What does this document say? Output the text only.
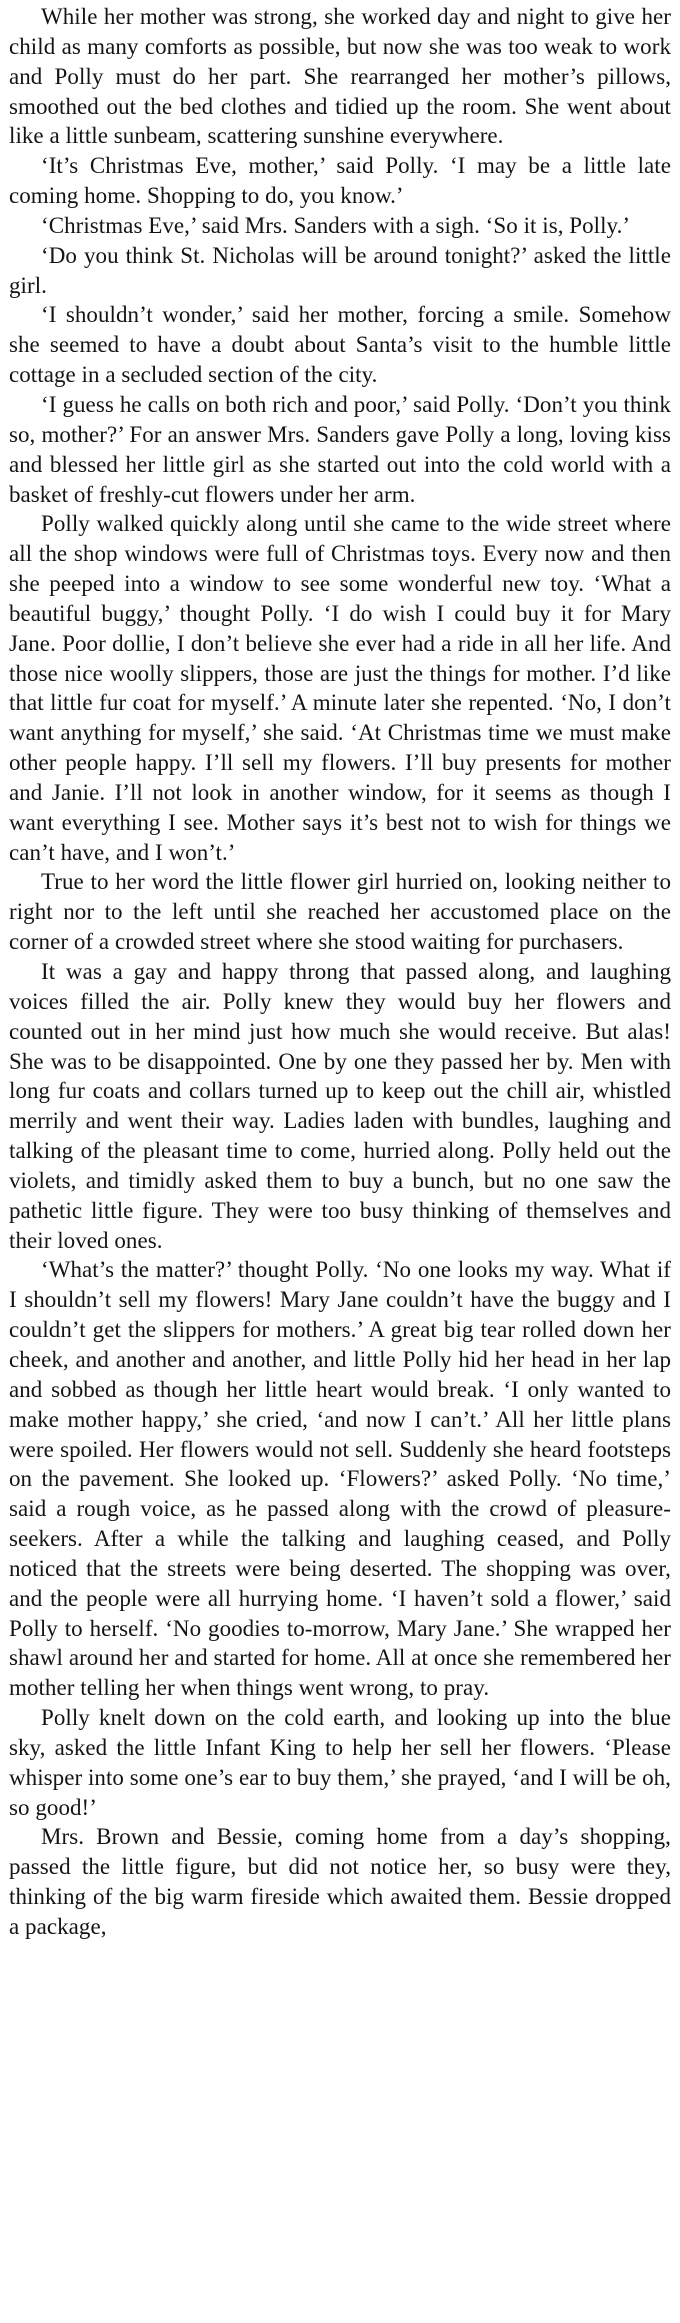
While her mother was strong, she worked day and night to give her child as many comforts as possible, but now she was too weak to work and Polly must do her part. She rearranged her mother’s pillows, smoothed out the bed clothes and tidied up the room. She went about like a little sunbeam, scattering sunshine everywhere.

‘It’s Christmas Eve, mother,’ said Polly. ‘I may be a little late coming home. Shopping to do, you know.’

‘Christmas Eve,’ said Mrs. Sanders with a sigh. ‘So it is, Polly.’

‘Do you think St. Nicholas will be around tonight?’ asked the little girl.

‘I shouldn’t wonder,’ said her mother, forcing a smile. Somehow she seemed to have a doubt about Santa’s visit to the humble little cottage in a secluded section of the city.

‘I guess he calls on both rich and poor,’ said Polly. ‘Don’t you think so, mother?’ For an answer Mrs. Sanders gave Polly a long, loving kiss and blessed her little girl as she started out into the cold world with a basket of freshly-cut flowers under her arm.

Polly walked quickly along until she came to the wide street where all the shop windows were full of Christmas toys. Every now and then she peeped into a window to see some wonderful new toy. ‘What a beautiful buggy,’ thought Polly. ‘I do wish I could buy it for Mary Jane. Poor dollie, I don’t believe she ever had a ride in all her life. And those nice woolly slippers, those are just the things for mother. I’d like that little fur coat for myself.’ A minute later she repented. ‘No, I don’t want anything for myself,’ she said. ‘At Christmas time we must make other people happy. I’ll sell my flowers. I’ll buy presents for mother and Janie. I’ll not look in another window, for it seems as though I want everything I see. Mother says it’s best not to wish for things we can’t have, and I won’t.’

True to her word the little flower girl hurried on, looking neither to right nor to the left until she reached her accustomed place on the corner of a crowded street where she stood waiting for purchasers.

It was a gay and happy throng that passed along, and laughing voices filled the air. Polly knew they would buy her flowers and counted out in her mind just how much she would receive. But alas! She was to be disappointed. One by one they passed her by. Men with long fur coats and collars turned up to keep out the chill air, whistled merrily and went their way. Ladies laden with bundles, laughing and talking of the pleasant time to come, hurried along. Polly held out the violets, and timidly asked them to buy a bunch, but no one saw the pathetic little figure. They were too busy thinking of themselves and their loved ones.

‘What’s the matter?’ thought Polly. ‘No one looks my way. What if I shouldn’t sell my flowers! Mary Jane couldn’t have the buggy and I couldn’t get the slippers for mothers.’ A great big tear rolled down her cheek, and another and another, and little Polly hid her head in her lap and sobbed as though her little heart would break. ‘I only wanted to make mother happy,’ she cried, ‘and now I can’t.’ All her little plans were spoiled. Her flowers would not sell. Suddenly she heard footsteps on the pavement. She looked up. ‘Flowers?’ asked Polly. ‘No time,’ said a rough voice, as he passed along with the crowd of pleasure-seekers. After a while the talking and laughing ceased, and Polly noticed that the streets were being deserted. The shopping was over, and the people were all hurrying home. ‘I haven’t sold a flower,’ said Polly to herself. ‘No goodies to-morrow, Mary Jane.’ She wrapped her shawl around her and started for home. All at once she remembered her mother telling her when things went wrong, to pray.

Polly knelt down on the cold earth, and looking up into the blue sky, asked the little Infant King to help her sell her flowers. ‘Please whisper into some one’s ear to buy them,’ she prayed, ‘and I will be oh, so good!’

Mrs. Brown and Bessie, coming home from a day’s shopping, passed the little figure, but did not notice her, so busy were they, thinking of the big warm fireside which awaited them. Bessie dropped a package,
